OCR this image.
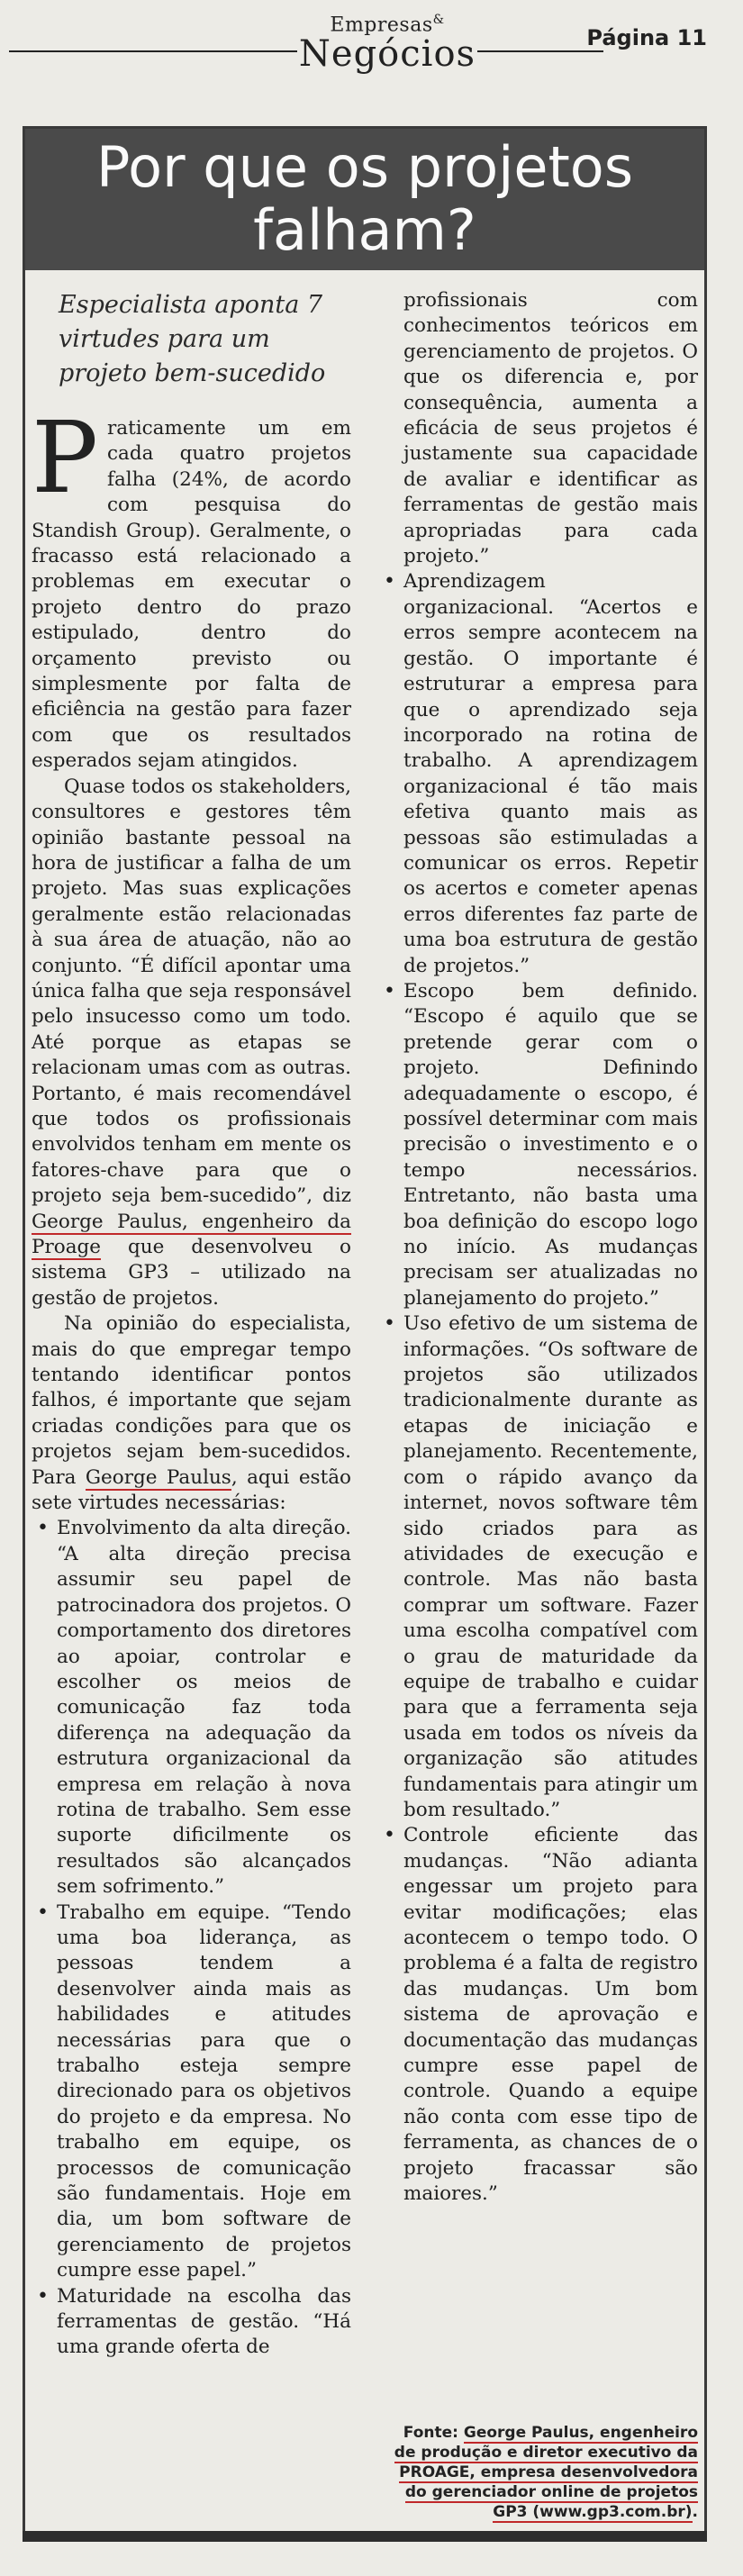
Empresas&
Negócios	Página 11
Por que os projetos falham?
Especialista aponta 7 virtudes para um projeto bem-sucedido

Praticamente um em cada quatro projetos falha (24%, de acordo com pesquisa do Standish Group). Geralmente, o fracasso está relacionado a problemas em executar o projeto dentro do prazo estipulado, dentro do orçamento previsto ou simplesmente por falta de eficiência na gestão para fazer com que os resultados esperados sejam atingidos.

Quase todos os stakeholders, consultores e gestores têm opinião bastante pessoal na hora de justificar a falha de um projeto. Mas suas explicações geralmente estão relacionadas à sua área de atuação, não ao conjunto. “É difícil apontar uma única falha que seja responsável pelo insucesso como um todo. Até porque as etapas se relacionam umas com as outras. Portanto, é mais recomendável que todos os profissionais envolvidos tenham em mente os fatores-chave para que o projeto seja bem-sucedido”, diz George Paulus, engenheiro da Proage que desenvolveu o sistema GP3 – utilizado na gestão de projetos.

Na opinião do especialista, mais do que empregar tempo tentando identificar pontos falhos, é importante que sejam criadas condições para que os projetos sejam bem-sucedidos. Para George Paulus, aqui estão sete virtudes necessárias:

• Envolvimento da alta direção. “A alta direção precisa assumir seu papel de patrocinadora dos projetos. O comportamento dos diretores ao apoiar, controlar e escolher os meios de comunicação faz toda diferença na adequação da estrutura organizacional da empresa em relação à nova rotina de trabalho. Sem esse suporte dificilmente os resultados são alcançados sem sofrimento.”
• Trabalho em equipe. “Tendo uma boa liderança, as pessoas tendem a desenvolver ainda mais as habilidades e atitudes necessárias para que o trabalho esteja sempre direcionado para os objetivos do projeto e da empresa. No trabalho em equipe, os processos de comunicação são fundamentais. Hoje em dia, um bom software de gerenciamento de projetos cumpre esse papel.”
• Maturidade na escolha das ferramentas de gestão. “Há uma grande oferta de

profissionais com conhecimentos teóricos em gerenciamento de projetos. O que os diferencia e, por consequência, aumenta a eficácia de seus projetos é justamente sua capacidade de avaliar e identificar as ferramentas de gestão mais apropriadas para cada projeto.”

• Aprendizagem organizacional. “Acertos e erros sempre acontecem na gestão. O importante é estruturar a empresa para que o aprendizado seja incorporado na rotina de trabalho. A aprendizagem organizacional é tão mais efetiva quanto mais as pessoas são estimuladas a comunicar os erros. Repetir os acertos e cometer apenas erros diferentes faz parte de uma boa estrutura de gestão de projetos.”
• Escopo bem definido. “Escopo é aquilo que se pretende gerar com o projeto. Definindo adequadamente o escopo, é possível determinar com mais precisão o investimento e o tempo necessários. Entretanto, não basta uma boa definição do escopo logo no início. As mudanças precisam ser atualizadas no planejamento do projeto.”
• Uso efetivo de um sistema de informações. “Os software de projetos são utilizados tradicionalmente durante as etapas de iniciação e planejamento. Recentemente, com o rápido avanço da internet, novos software têm sido criados para as atividades de execução e controle. Mas não basta comprar um software. Fazer uma escolha compatível com o grau de maturidade da equipe de trabalho e cuidar para que a ferramenta seja usada em todos os níveis da organização são atitudes fundamentais para atingir um bom resultado.”
• Controle eficiente das mudanças. “Não adianta engessar um projeto para evitar modificações; elas acontecem o tempo todo. O problema é a falta de registro das mudanças. Um bom sistema de aprovação e documentação das mudanças cumpre esse papel de controle. Quando a equipe não conta com esse tipo de ferramenta, as chances de o projeto fracassar são maiores.”
Fonte: George Paulus, engenheiro de produção e diretor executivo da PROAGE, empresa desenvolvedora do gerenciador online de projetos GP3 (www.gp3.com.br).
